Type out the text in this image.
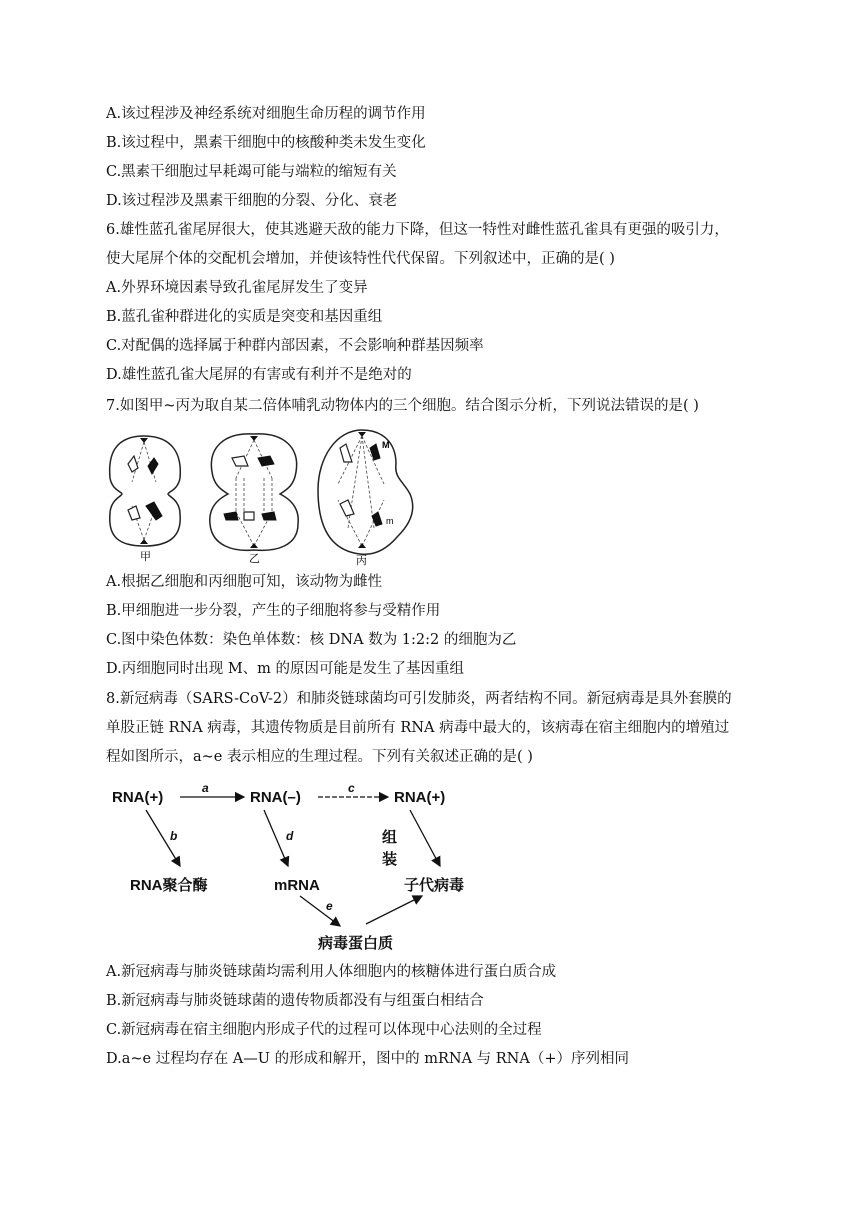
A.该过程涉及神经系统对细胞生命历程的调节作用
B.该过程中，黑素干细胞中的核酸种类未发生变化
C.黑素干细胞过早耗竭可能与端粒的缩短有关
D.该过程涉及黑素干细胞的分裂、分化、衰老
6.雄性蓝孔雀尾屏很大，使其逃避天敌的能力下降，但这一特性对雌性蓝孔雀具有更强的吸引力，
使大尾屏个体的交配机会增加，并使该特性代代保留。下列叙述中，正确的是( )
A.外界环境因素导致孔雀尾屏发生了变异
B.蓝孔雀种群进化的实质是突变和基因重组
C.对配偶的选择属于种群内部因素，不会影响种群基因频率
D.雄性蓝孔雀大尾屏的有害或有利并不是绝对的
7.如图甲~丙为取自某二倍体哺乳动物体内的三个细胞。结合图示分析，下列说法错误的是( )
甲	乙	丙
M
m
A.根据乙细胞和丙细胞可知，该动物为雌性
B.甲细胞进一步分裂，产生的子细胞将参与受精作用
C.图中染色体数：染色单体数：核 DNA 数为 1:2:2 的细胞为乙
D.丙细胞同时出现 M、m 的原因可能是发生了基因重组
8.新冠病毒（SARS-CoV-2）和肺炎链球菌均可引发肺炎，两者结构不同。新冠病毒是具外套膜的
单股正链 RNA 病毒，其遗传物质是目前所有 RNA 病毒中最大的，该病毒在宿主细胞内的增殖过
程如图所示，a~e 表示相应的生理过程。下列有关叙述正确的是( )
RNA(+)	RNA(–)	RNA(+)
RNA聚合酶	mRNA	子代病毒
病毒蛋白质
组
装
a	c
b	d
e
A.新冠病毒与肺炎链球菌均需利用人体细胞内的核糖体进行蛋白质合成
B.新冠病毒与肺炎链球菌的遗传物质都没有与组蛋白相结合
C.新冠病毒在宿主细胞内形成子代的过程可以体现中心法则的全过程
D.a~e 过程均存在 A—U 的形成和解开，图中的 mRNA 与 RNA（+）序列相同
